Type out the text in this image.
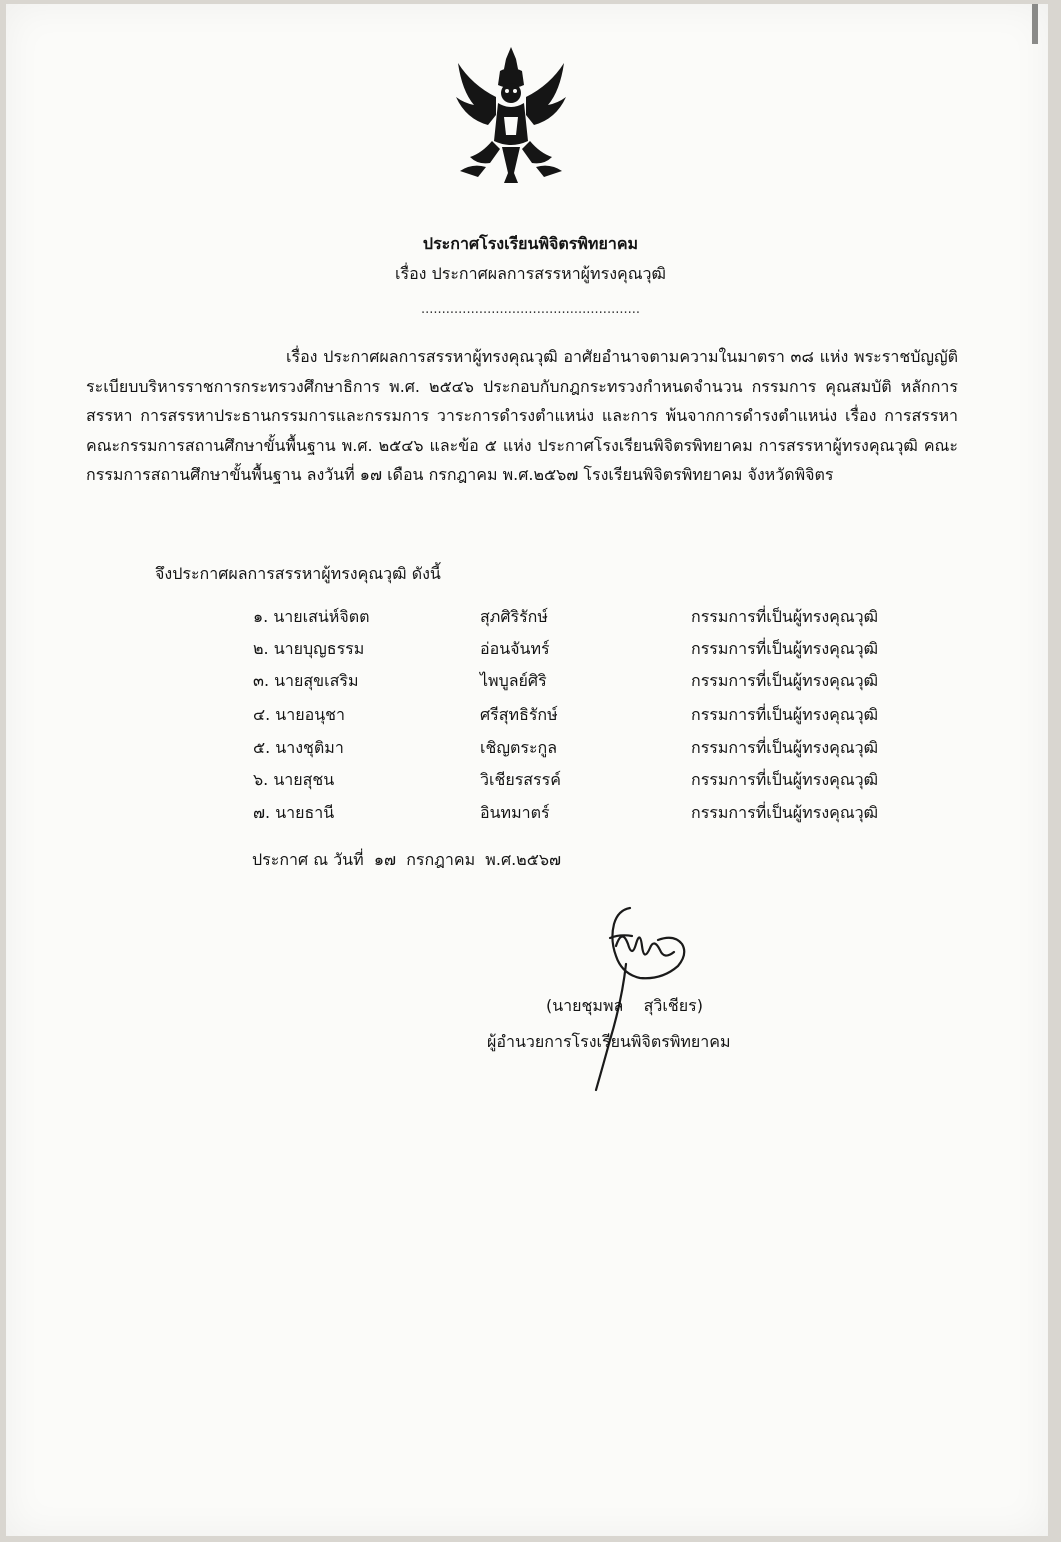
ประกาศโรงเรียนพิจิตรพิทยาคม
เรื่อง ประกาศผลการสรรหาผู้ทรงคุณวุฒิ
.....................................................

เรื่อง ประกาศผลการสรรหาผู้ทรงคุณวุฒิ อาศัยอำนาจตามความในมาตรา ๓๘ แห่ง พระราชบัญญัติระเบียบบริหารราชการกระทรวงศึกษาธิการ พ.ศ. ๒๕๔๖ ประกอบกับกฎกระทรวงกำหนดจำนวน กรรมการ คุณสมบัติ หลักการสรรหา การสรรหาประธานกรรมการและกรรมการ วาระการดำรงตำแหน่ง และการ พ้นจากการดำรงตำแหน่ง เรื่อง การสรรหาคณะกรรมการสถานศึกษาขั้นพื้นฐาน พ.ศ. ๒๕๔๖ และข้อ ๕ แห่ง ประกาศโรงเรียนพิจิตรพิทยาคม การสรรหาผู้ทรงคุณวุฒิ คณะกรรมการสถานศึกษาขั้นพื้นฐาน ลงวันที่ ๑๗ เดือน กรกฎาคม พ.ศ.๒๕๖๗ โรงเรียนพิจิตรพิทยาคม จังหวัดพิจิตร

จึงประกาศผลการสรรหาผู้ทรงคุณวุฒิ ดังนี้
๑. นายเสน่ห์จิตต	สุภศิริรักษ์	กรรมการที่เป็นผู้ทรงคุณวุฒิ
๒. นายบุญธรรม	อ่อนจันทร์	กรรมการที่เป็นผู้ทรงคุณวุฒิ
๓. นายสุขเสริม	ไพบูลย์ศิริ	กรรมการที่เป็นผู้ทรงคุณวุฒิ
๔. นายอนุชา	ศรีสุทธิรักษ์	กรรมการที่เป็นผู้ทรงคุณวุฒิ
๕. นางชุติมา	เชิญตระกูล	กรรมการที่เป็นผู้ทรงคุณวุฒิ
๖. นายสุชน	วิเชียรสรรค์	กรรมการที่เป็นผู้ทรงคุณวุฒิ
๗. นายธานี	อินทมาตร์	กรรมการที่เป็นผู้ทรงคุณวุฒิ
ประกาศ ณ วันที่  ๑๗  กรกฎาคม  พ.ศ.๒๕๖๗
(นายชุมพล    สุวิเชียร)
ผู้อำนวยการโรงเรียนพิจิตรพิทยาคม
